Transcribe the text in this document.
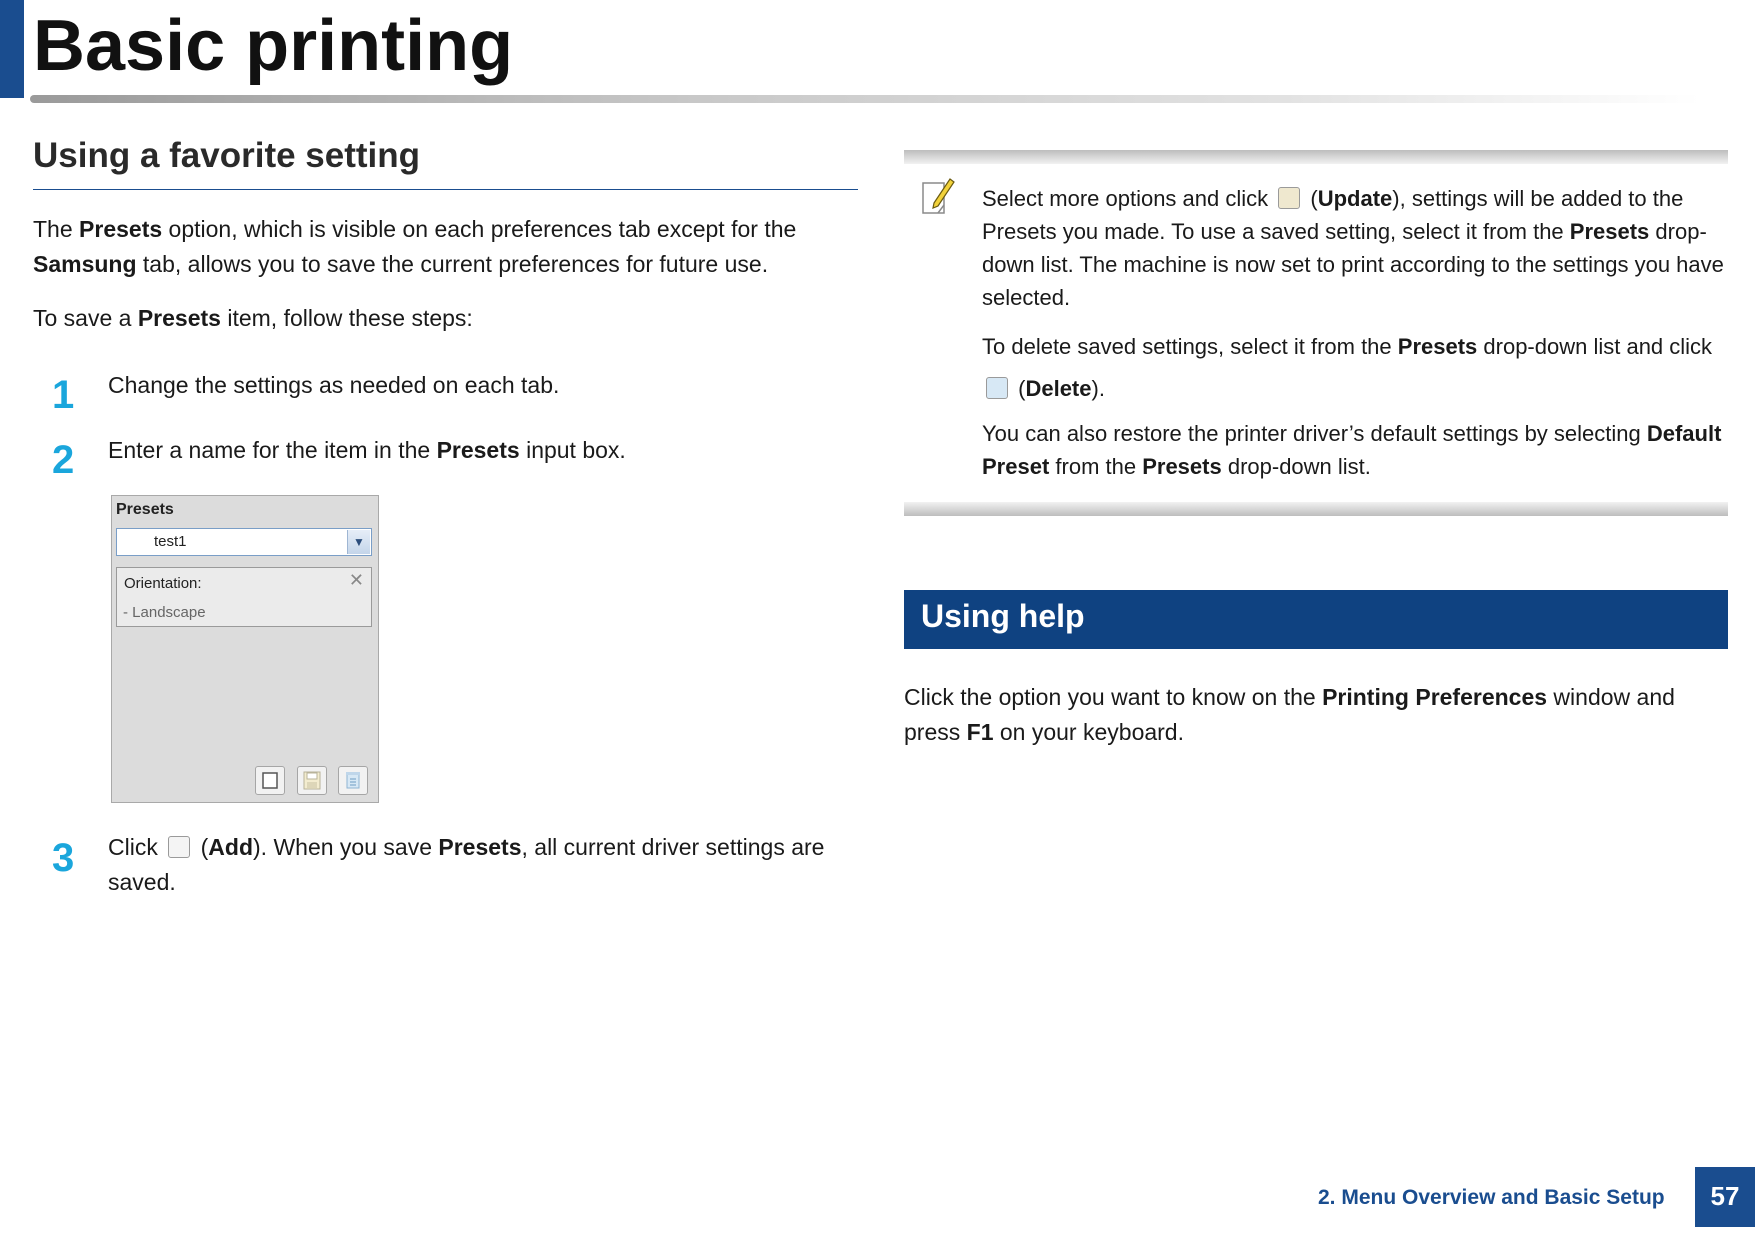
Basic printing
Using a favorite setting
The Presets option, which is visible on each preferences tab except for the Samsung tab, allows you to save the current preferences for future use.
To save a Presets item, follow these steps:
1 Change the settings as needed on each tab.
2 Enter a name for the item in the Presets input box.
Presets
test1	▼
Orientation:
- Landscape
✕
3 Click  (Add). When you save Presets, all current driver settings are saved.
Select more options and click  (Update), settings will be added to the Presets you made. To use a saved setting, select it from the Presets drop-down list. The machine is now set to print according to the settings you have selected.
To delete saved settings, select it from the Presets drop-down list and click  (Delete).
You can also restore the printer driver’s default settings by selecting Default Preset from the Presets drop-down list.
Using help
Click the option you want to know on the Printing Preferences window and press F1 on your keyboard.
2. Menu Overview and Basic Setup	57
